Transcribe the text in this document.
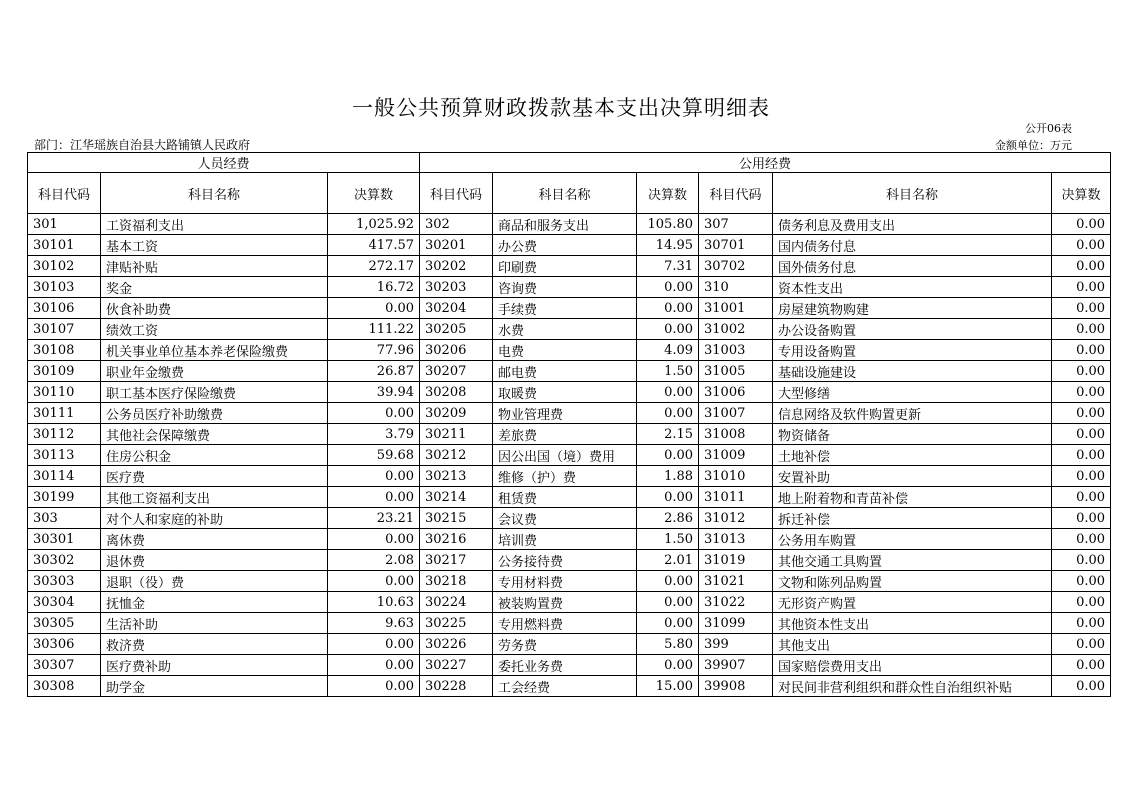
一般公共预算财政拨款基本支出决算明细表
公开06表
部门：江华瑶族自治县大路铺镇人民政府	金额单位：万元
人员经费			公用经费					
科目代码	科目名称	决算数	科目代码	科目名称	决算数	科目代码	科目名称	决算数
301	工资福利支出	1,025.92	302	商品和服务支出	105.80	307	债务利息及费用支出	0.00
30101	基本工资	417.57	30201	办公费	14.95	30701	国内债务付息	0.00
30102	津贴补贴	272.17	30202	印刷费	7.31	30702	国外债务付息	0.00
30103	奖金	16.72	30203	咨询费	0.00	310	资本性支出	0.00
30106	伙食补助费	0.00	30204	手续费	0.00	31001	房屋建筑物购建	0.00
30107	绩效工资	111.22	30205	水费	0.00	31002	办公设备购置	0.00
30108	机关事业单位基本养老保险缴费	77.96	30206	电费	4.09	31003	专用设备购置	0.00
30109	职业年金缴费	26.87	30207	邮电费	1.50	31005	基础设施建设	0.00
30110	职工基本医疗保险缴费	39.94	30208	取暖费	0.00	31006	大型修缮	0.00
30111	公务员医疗补助缴费	0.00	30209	物业管理费	0.00	31007	信息网络及软件购置更新	0.00
30112	其他社会保障缴费	3.79	30211	差旅费	2.15	31008	物资储备	0.00
30113	住房公积金	59.68	30212	因公出国（境）费用	0.00	31009	土地补偿	0.00
30114	医疗费	0.00	30213	维修（护）费	1.88	31010	安置补助	0.00
30199	其他工资福利支出	0.00	30214	租赁费	0.00	31011	地上附着物和青苗补偿	0.00
303	对个人和家庭的补助	23.21	30215	会议费	2.86	31012	拆迁补偿	0.00
30301	离休费	0.00	30216	培训费	1.50	31013	公务用车购置	0.00
30302	退休费	2.08	30217	公务接待费	2.01	31019	其他交通工具购置	0.00
30303	退职（役）费	0.00	30218	专用材料费	0.00	31021	文物和陈列品购置	0.00
30304	抚恤金	10.63	30224	被装购置费	0.00	31022	无形资产购置	0.00
30305	生活补助	9.63	30225	专用燃料费	0.00	31099	其他资本性支出	0.00
30306	救济费	0.00	30226	劳务费	5.80	399	其他支出	0.00
30307	医疗费补助	0.00	30227	委托业务费	0.00	39907	国家赔偿费用支出	0.00
30308	助学金	0.00	30228	工会经费	15.00	39908	对民间非营利组织和群众性自治组织补贴	0.00
